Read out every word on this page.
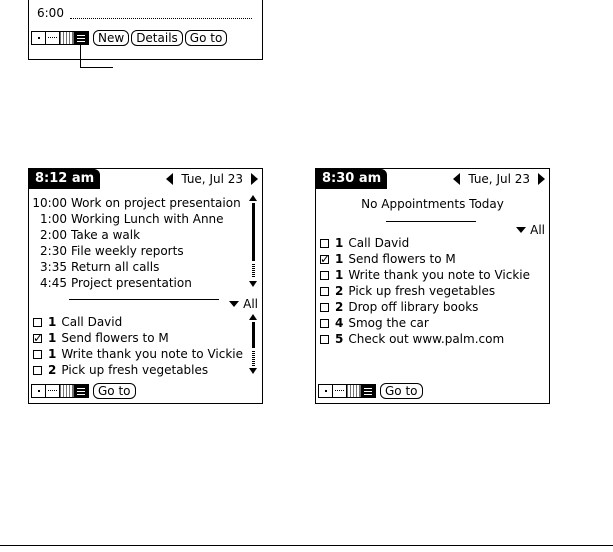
6:00
New	Details	Go to
8:12 am	Tue, Jul 23
10:00 Work on project presentaion
1:00 Working Lunch with Anne
2:00 Take a walk
2:30 File weekly reports
3:35 Return all calls
4:45 Project presentation
All
1 Call David
✓
1 Send flowers to M
1 Write thank you note to Vickie
2 Pick up fresh vegetables
Go to
8:30 am	Tue, Jul 23
No Appointments Today
All
1 Call David
✓
1 Send flowers to M
1 Write thank you note to Vickie
2 Pick up fresh vegetables
2 Drop off library books
4 Smog the car
5 Check out www.palm.com
Go to
